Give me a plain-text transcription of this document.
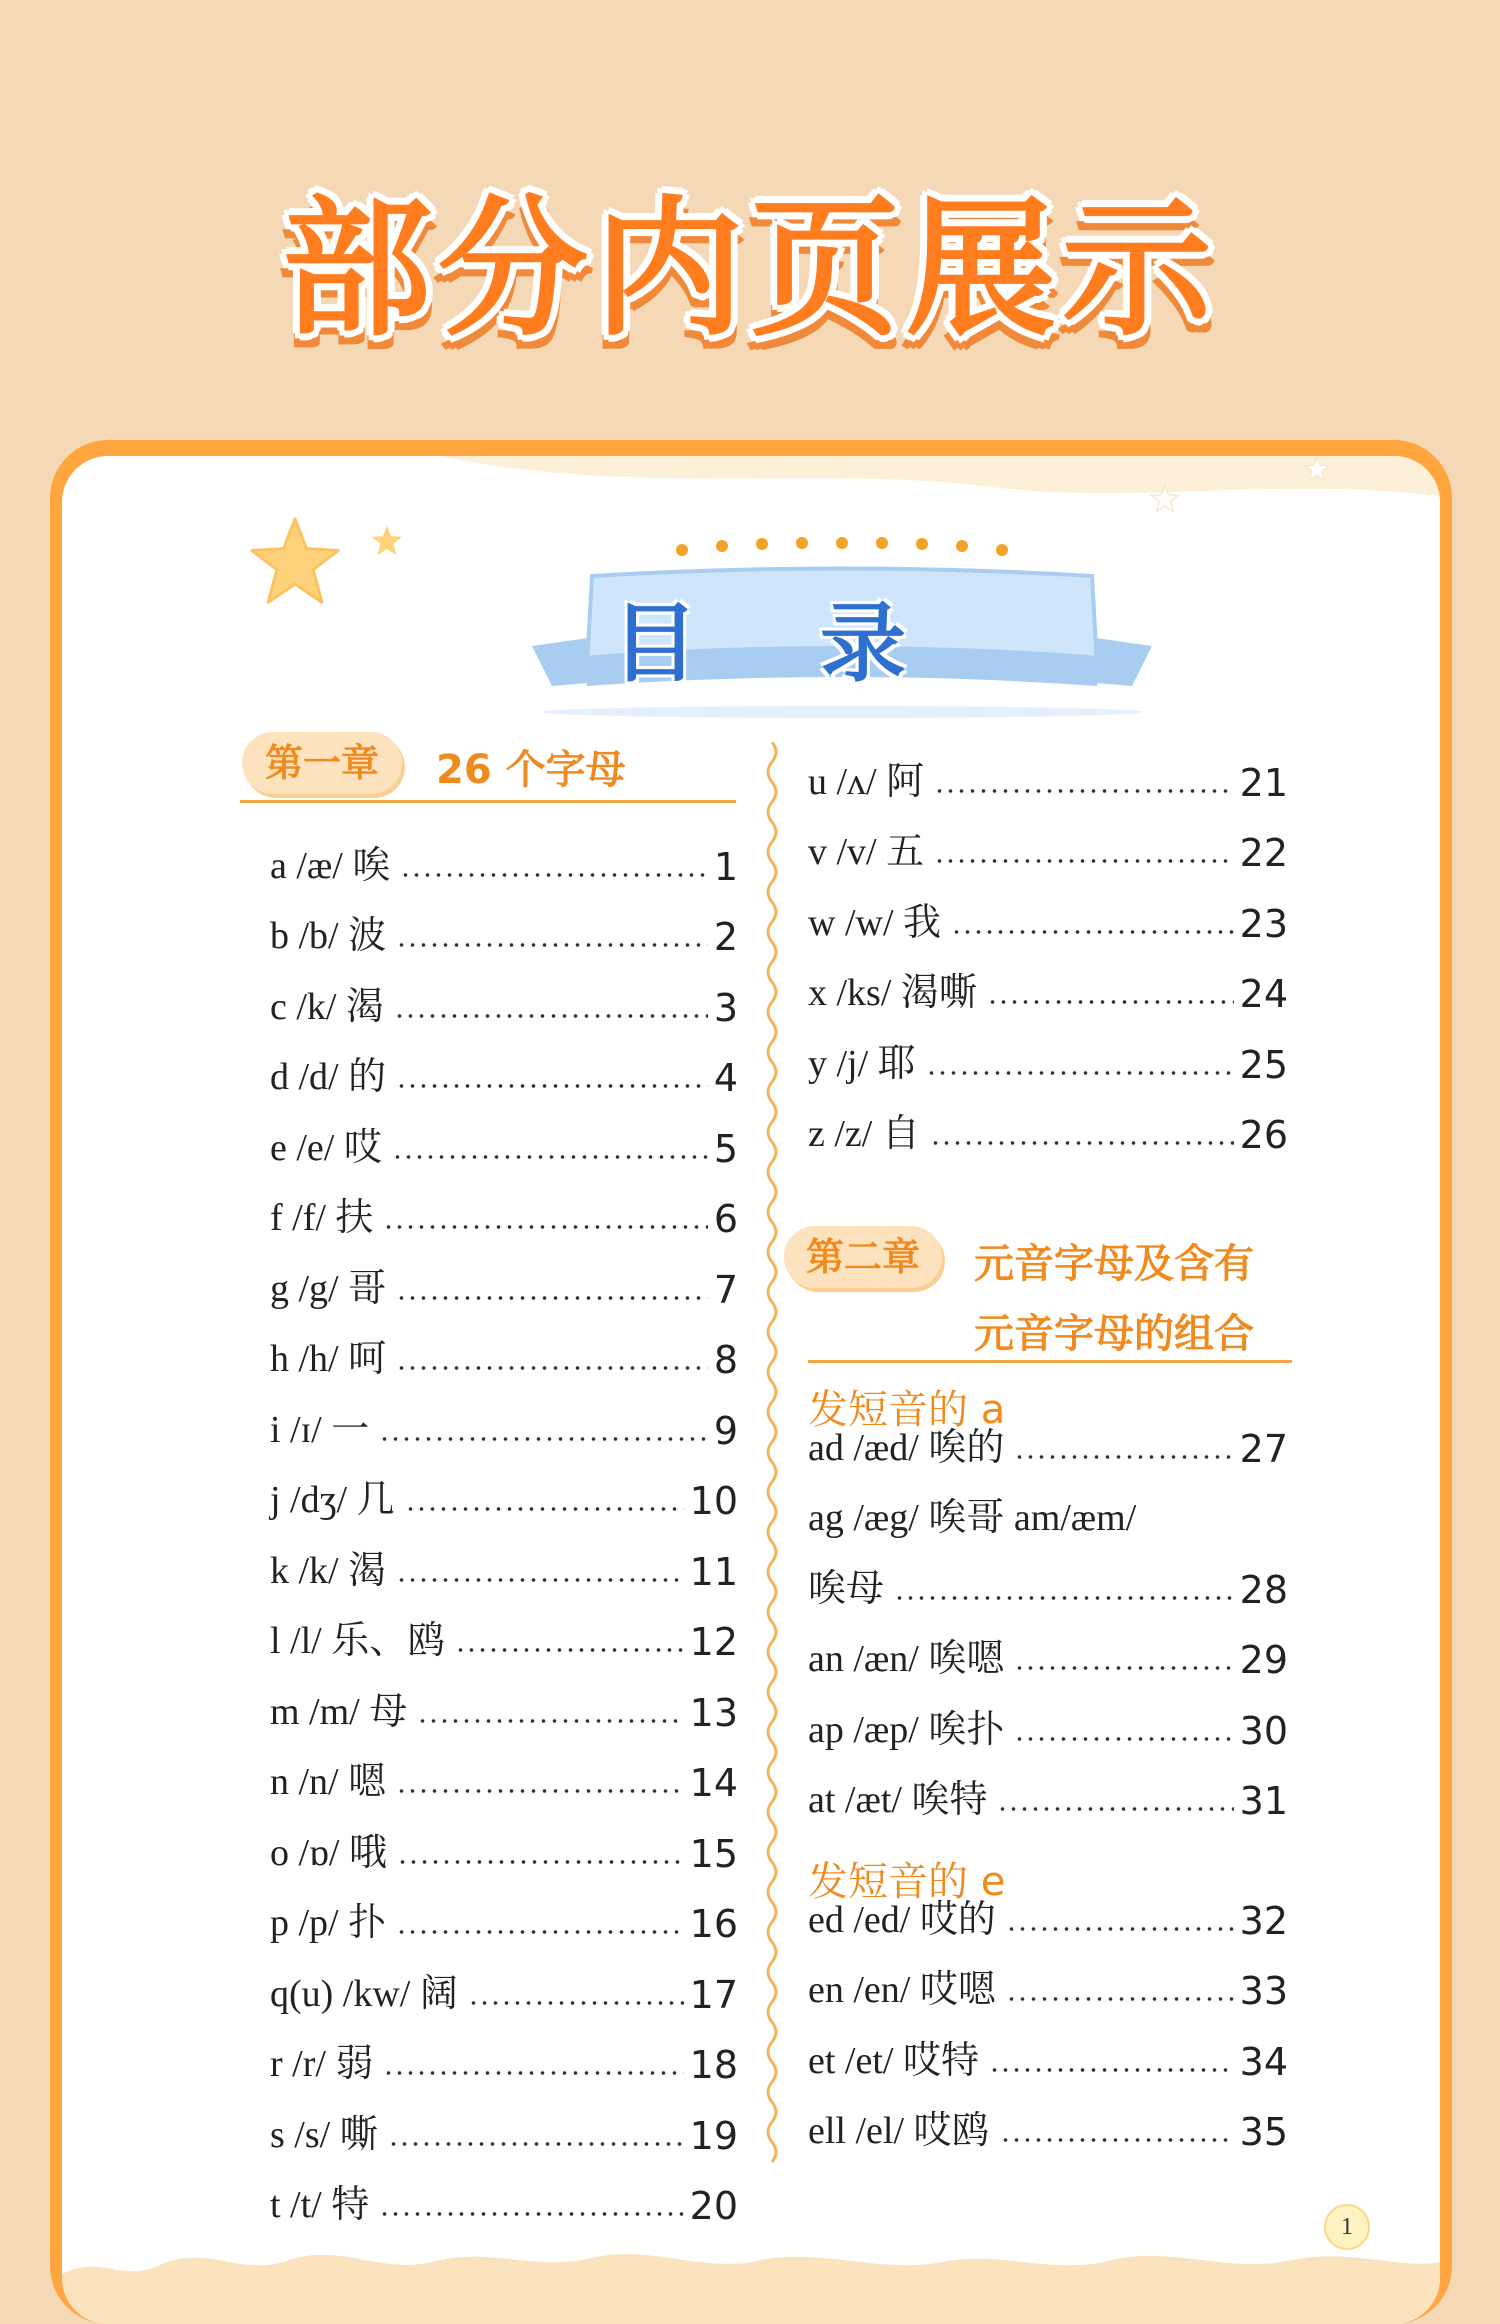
部分内页展示
目 录
第一章	26 个字母
a /æ/ 唉	1
b /b/ 波	2
c /k/ 渴	3
d /d/ 的	4
e /e/ 哎	5
f /f/ 扶	6
g /g/ 哥	7
h /h/ 呵	8
i /ɪ/ 一	9
j /dʒ/ 几	10
k /k/ 渴	11
l /l/ 乐、鸥	12
m /m/ 母	13
n /n/ 嗯	14
o /ɒ/ 哦	15
p /p/ 扑	16
q(u) /kw/ 阔	17
r /r/ 弱	18
s /s/ 嘶	19
t /t/ 特	20
u /ʌ/ 阿	21
v /v/ 五	22
w /w/ 我	23
x /ks/ 渴嘶	24
y /j/ 耶	25
z /z/ 自	26
第二章	元音字母及含有
元音字母的组合
发短音的 a
ad /æd/ 唉的	27
ag /æg/ 唉哥 am/æm/
唉母	28
an /æn/ 唉嗯	29
ap /æp/ 唉扑	30
at /æt/ 唉特	31
发短音的 e
ed /ed/ 哎的	32
en /en/ 哎嗯	33
et /et/ 哎特	34
ell /el/ 哎鸥	35
1
